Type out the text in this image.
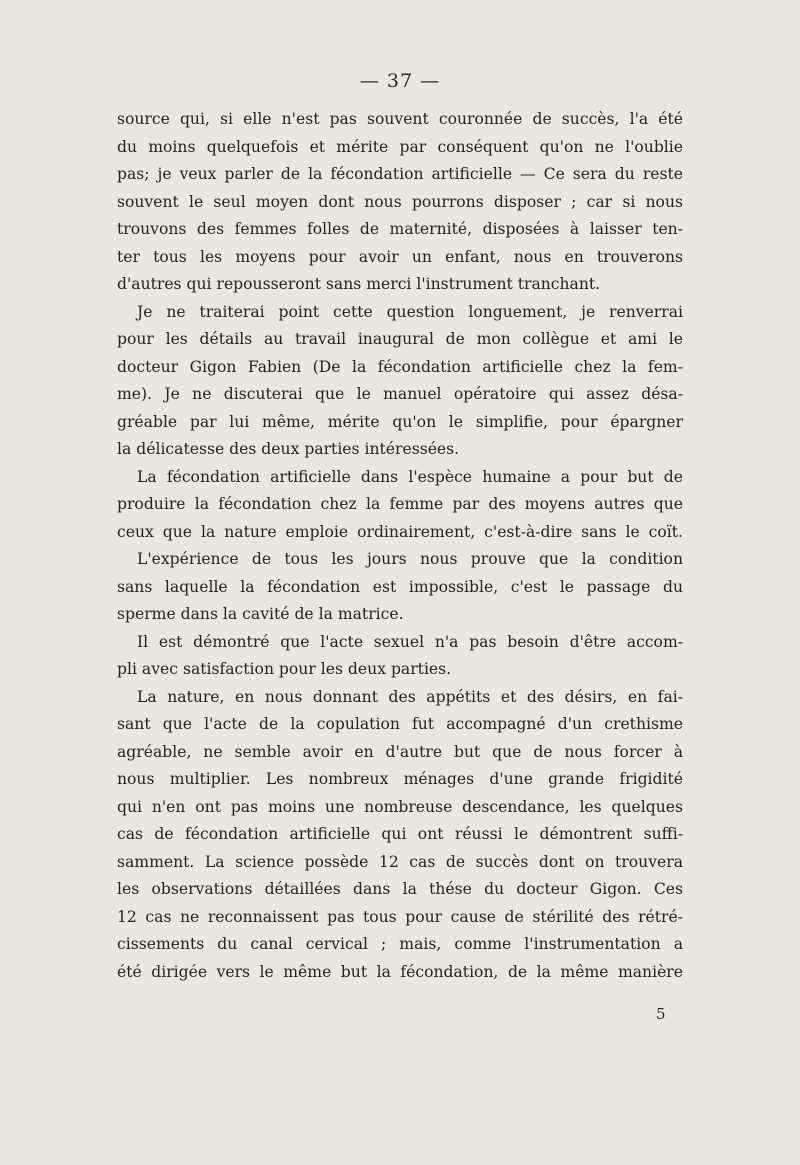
— 37 —
source qui, si elle n'est pas souvent couronnée de succès, l'a été
du moins quelquefois et mérite par conséquent qu'on ne l'oublie
pas; je veux parler de la fécondation artificielle — Ce sera du reste
souvent le seul moyen dont nous pourrons disposer ; car si nous
trouvons des femmes folles de maternité, disposées à laisser ten-
ter tous les moyens pour avoir un enfant, nous en trouverons
d'autres qui repousseront sans merci l'instrument tranchant.
Je ne traiterai point cette question longuement, je renverrai
pour les détails au travail inaugural de mon collègue et ami le
docteur Gigon Fabien (De la fécondation artificielle chez la fem-
me). Je ne discuterai que le manuel opératoire qui assez désa-
gréable par lui même, mérite qu'on le simplifie, pour épargner
la délicatesse des deux parties intéressées.
La fécondation artificielle dans l'espèce humaine a pour but de
produire la fécondation chez la femme par des moyens autres que
ceux que la nature emploie ordinairement, c'est-à-dire sans le coït.
L'expérience de tous les jours nous prouve que la condition
sans laquelle la fécondation est impossible, c'est le passage du
sperme dans la cavité de la matrice.
Il est démontré que l'acte sexuel n'a pas besoin d'être accom-
pli avec satisfaction pour les deux parties.
La nature, en nous donnant des appétits et des désirs, en fai-
sant que l'acte de la copulation fut accompagné d'un crethisme
agréable, ne semble avoir en d'autre but que de nous forcer à
nous multiplier. Les nombreux ménages d'une grande frigidité
qui n'en ont pas moins une nombreuse descendance, les quelques
cas de fécondation artificielle qui ont réussi le démontrent suffi-
samment. La science possède 12 cas de succès dont on trouvera
les observations détaillées dans la thése du docteur Gigon. Ces
12 cas ne reconnaissent pas tous pour cause de stérilité des rétré-
cissements du canal cervical ; mais, comme l'instrumentation a
été dirigée vers le même but la fécondation, de la même manière
5
